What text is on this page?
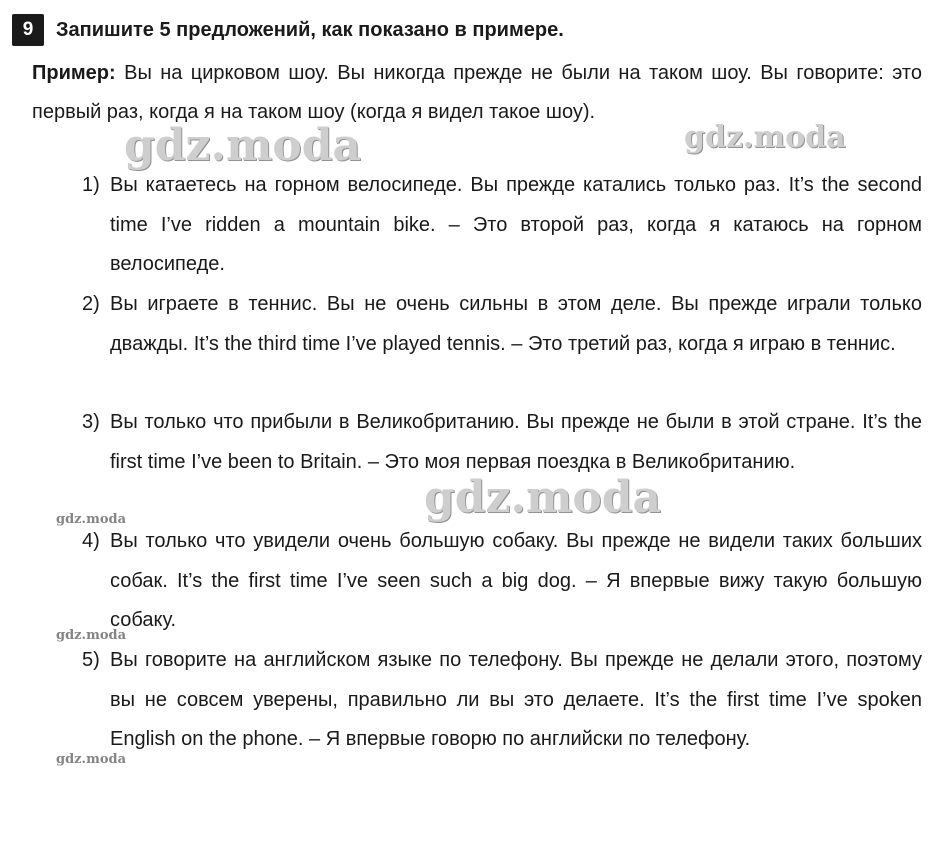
9	Запишите 5 предложений, как показано в примере.
Пример: Вы на цирковом шоу. Вы никогда прежде не были на таком шоу. Вы говорите: это первый раз, когда я на таком шоу (когда я видел такое шоу).
1) Вы катаетесь на горном велосипеде. Вы прежде катались только раз. It’s the second time I’ve ridden a mountain bike. – Это второй раз, когда я катаюсь на горном велосипеде.
2) Вы играете в теннис. Вы не очень сильны в этом деле. Вы прежде играли только дважды. It’s the third time I’ve played tennis. – Это третий раз, когда я играю в теннис.
3) Вы только что прибыли в Великобританию. Вы прежде не были в этой стране. It’s the first time I’ve been to Britain. – Это моя первая поездка в Великобританию.
4) Вы только что увидели очень большую собаку. Вы прежде не видели таких больших собак. It’s the first time I’ve seen such a big dog. – Я впервые вижу такую большую собаку.
5) Вы говорите на английском языке по телефону. Вы прежде не делали этого, поэтому вы не совсем уверены, правильно ли вы это делаете. It’s the first time I’ve spoken English on the phone. – Я впервые говорю по английски по телефону.
gdz.moda	gdz.moda
gdz.moda
gdz.moda
gdz.moda
gdz.moda
